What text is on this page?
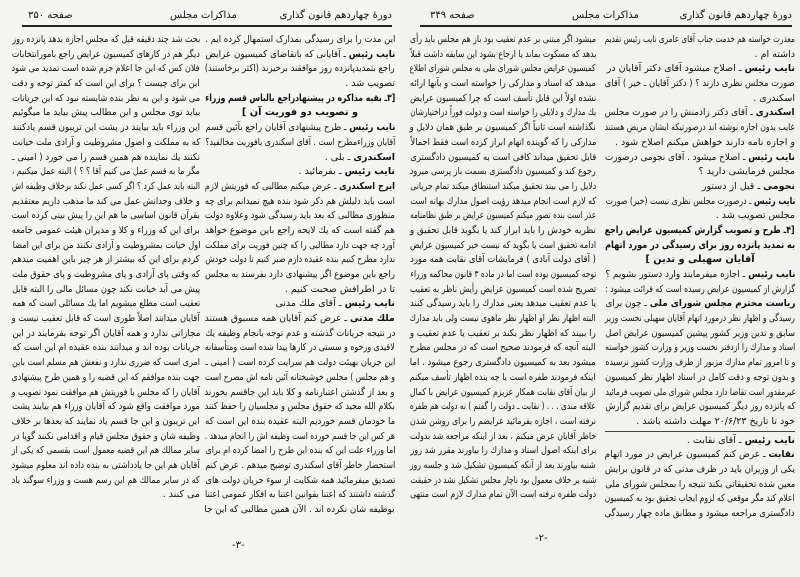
دورهٔ چهاردهم قانون گذاری
مذاکرات مجلس
صفحه ۳۵۰
این مدت را برای رسیدگی بمدارک استمهال کرده ایم .
نایب رئیس ـ آقایانی که باتقاضای کمیسیون عرایض
راجع بتمدیدپانزده روز موافقند برخیزند (اکثر برخاستند)
تصویب شد .
[۳ـ بقیه مذاکره در پیشنهادراجع بالباس قسم وزراء
و تصویب دو فوریت آن ]
نایب رئیس ـ طرح پیشنهادی آقایان راجع بآئین قسم
آقایان وزراءمطرح است . آقای اسکندری بافوریت مخالفید؟
اسکندری ـ بلی .
نایب رئیس ـ بفرمائید .
ایرج اسکندری ـ عرض میکنم مطالبی که فوریتش لازم
است باید دلیلش هم ذکر شود بنده هیچ نمیدانم برای چه
منظوری مطالبی که بعد باید رسیدگی شود وعلاوه دولت
هم گفته است که یك لایحه راجع باین موضوع خواهد
آورد چه جهت دارد مطالبی را که چنین فوریت برای مملکت
ندارد مطرح کنیم بنده عقیده دارم صبر کنیم تا دولت خودش
راجع باین موضوع اگر پیشنهادی دارد بفرستد به مجلس
تا در اطرافش صحبت کنیم .
نایب رئیس ـ آقای ملك مدنی
ملك مدنی ـ عرض کنم آقایان همه مسبوق هستند
در نتیجه جریانات گذشته و عدم توجه بانجام وظیفه یك
لاقیدی ورخوه و سستی در کارها پیدا شده است ومتأسفانه
این جریان بهیئت دولت هم سرایت کرده است ( امینی ـ
و هم مجلس ) مجلس خوشبختانه آئین نامه اش مصرح است
و بعد از گذشتن اعتبارنامه و کلا باید این جاقسم بخورند
بکلام الله مجید که حقوق مجلس و مجلسیان را حفظ کنند
ما خودمان قسم خوردیم البته عقیده بنده این است که
هر کس این جا قسم خورده است وظیفه اش را انجام میدهد .
اما وزراء علت این که بنده این طرح را امضا کرده ام برای
استحضار خاطر آقای اسکندری توضیح میدهم . عرض کنم
تصدیق میفرمائید همه شکایت از سوء جریان دولت های
گذشته داشتند که اعتنا بقوانین اعتنا به افکار عمومی اعتنا
بوظیفه شان نکرده اند . الآن همین مطالبی که این جا
بحث شد چند دقیقه قبل که مجلس اجازه بدهد پانزده روز
دیگر هم در کارهای کمیسیون عرایض راجع بامورانتخابات
فلان کس که این جا اعلام جرم شده است تمدید می شود
این برای چیست ؟ برای این است که کمتر توجه و دقت
می شود و این به نظر بنده شایسته نبود که این جریانات
بیاید توی مجلس و این مطالب پیش بیاید ما میگوئیم
این وزراء باید بیایند در پشت این تریبون قسم یادکنند
که به مملکت و اصول مشروطیت و آزادی ملت خیانت
نکنند یك نماینده هم همین قسم را می خورد ( امینی ـ
مگر ما به قسم عمل می کنیم آقا ؟ ؟ ) البته عمل میکنیم ،
البته باید عمل کرد ؟ اگر کسی عمل نکند برخلاف وظیفه اش
و خلاف وجدانش عمل می کند ما مذهب داریم معتقدیم
بقرآن قانون اساسی ما هم این را پیش بینی کرده است
برای این که وزراء و کلا و مدیران هیئت عمومی جامعه
اول خیانت بمشروطیت و آزادی نکنند من برای این امضا
کردم برای این که بیشتر از هر چیز باین اهمیت میدهم
که وقتی پای آزادی و پای مشروطیت و پای حقوق ملت
پیش می آید خیانت نکند چون مسائل مالی را البته قابل
تعقیب است مطلع میشویم اما یك مسائلی است که همه
آقایان میدانند اصلاً طوری است که قابل تعقیب نیست و
مجازاتی ندارد و همه آقایان اگر توجه بفرمایند در این
جریانات بوده اند و میدانند بنده عقیده ام این است که
امری است که ضرری ندارد و نفعش هم مسلم است باین
جهت بنده موافقم که این قضیه را و همین طرح پیشنهادی
آقایان را که مجلس با فوریتش هم موافقت نمود تصویب و
مورد موافقت واقع شود که آقایان وزراء هم بیایند پشت
این تریبون و این جا قسم یاد نمایند که بعدها بر خلاف
وظیفه شان و حقوق مجلس قیام و اقدامی نکنند گویا در
سایر ممالك هم این قضیه معمول است بقسمی که یکی از
آقایان هم این جا یادداشتی به بنده داده اند معلوم میشود
که در سایر ممالك هم این رسم هست و وزراء سوگند یاد
می کنند .
-۳-
دورهٔ چهاردهم قانون گذاری
مذاکرات مجلس
صفحه ۳۴۹
معذرت خواسته هم خدمت جناب آقای عامری نایب رئیس تقدیم
داشته ام .
نایب رئیس ـ اصلاح میشود آقای دکتر آقایان در
صورت مجلس نظری دارند ؟ ( دکتر آقایان ـ خیر ) آقای
اسکندری .
اسکندری ـ آقای دکتر زادمنش را در صورت مجلس
غایب بدون اجازه نوشته اند درصورتیکه ایشان مریض هستند
و اجازه نامه دارند خواهش میکنم اصلاح شود .
نایب رئیس ـ اصلاح میشود . آقای نجومی درصورت
مجلس فرمایشی دارید ؟
نجومی ـ قبل از دستور
نایب رئیس ـ درصورت مجلس نظری نیست (خیر) صورت
مجلس تصویب شد .
[۴ـ طرح و تصویب گزارش کمیسیون عرایض راجع
به تمدید پانزده روز برای رسیدگی در مورد اتهام
آقایان سهیلی و تدین ]
نایب رئیس ـ اجازه میفرمایند وارد دستور بشویم ؟
گزارش از کمیسیون عرایض رسیده است که قرائت میشود :
ریاست محترم مجلس شورای ملی ـ چون برای
رسیدگی و اظهار نظر درمورد اتهام آقایان سهیلی نخست وزیر
سابق و تدین وزیر کشور پیشین کمیسیون عرایض اصل
اسناد و مدارك را ازدفتر نخست وزیر و وزارت کشور خواسته
و تا امروز تمام مدارك مزبور از طرف وزارت کشور نرسیده
و بدون توجه و دقت کامل در اسناد اظهار نظر کمیسیون
غیرمقدور است تقاضا دارد مجلس شورای ملی تصویب فرمائید
که پانزده روز دیگر کمیسیون عرایض برای تقدیم گزارش
خود تا تاریخ ۲۰/۶/۲۳ مهلت داشته باشد .
نایب رئیس ـ آقای نقابت .
نقابت ـ عرض کنم کمیسیون عرایض در مورد اتهام
یکی از وزیران باید در ظرف مدتی که در قانون برایش
معین شده تحقیقاتی بکند نتیجه را بمجلس شورای ملی
اعلام کند مگر موقعی که لزوم ایجاب تحقیق بود به کمیسیون
دادگستری مراجعه میشود و مطابق ماده چهار رسیدگی
میشود اگر مبتنی بر عدم تعقیب بود باز هم مجلس باید رأی
بدهد که مسکوت بماند یا ارجاع بشود این سابقه داشت قبلاً
کمیسیون عرایض مجلس شورای ملی به مجلس شورای اطلاع
میدهد که اسناد و مدارکی را خواسته است و بآنها ارائه
نشده اولاً این قابل تأسف است که چرا کمیسیون عرایض
یك مدارك و دلایلی را خواسته است و دولت فوراً دراختیارشان
نگذاشته است ثانیاً اگر کمیسیون بر طبق همان دلایل و
مدارکی را که گوینده اتهام ابراز کرده است فقط اجمالاً
قابل تحقیق میداند کافی است به کمیسیون دادگستری
رجوع کند و کمیسیون دادگستری بسمت باز پرسی میرود
دلایل را می بیند تحقیق میکند استنطاق میکند تمام جریانی
که لازم است انجام میدهد رؤیت اصول مدارك بهانه است
عذر است بنده تصور میکنم کمیسیون عرایض بر طبق نظامنامه
نظریه خودش را باید ابراز کند یا بگوید قابل تحقیق و
ادامه تحقیق است یا بگوید که نیست خیر کمیسیون عرایض
( آقای دولت آبادی ) فرمایشات آقای نقابت همه مورد
توجه کمیسیون بوده است اما در ماده ۳ قانون محاکمه وزراء
تصریح شده است کمیسیون عرایض رأیش ناظر به تعقیب
یا عدم تعقیب میدهد یعنی مدارك را باید رسیدگی کنند
البته اظهار نظر او اظهار نظر ماهوی نیست ولی باید مدارك
را ببیند که اظهار نظر بکند بر تعقیب یا عدم تعقیب و
البته آنچه که فرمودند صحیح است که در مجلس مطرح
میشود بعد به کمیسیون دادگستری رجوع میشود . اما
اینکه فرمودند طفره است یا چه بنده اظهار تأسف میکنم
از بیان آقای نقابت همکار عزیزم کمیسیون عرایض با کمال
علاقه مندی . . . ( نقابت ـ دولت را گفتم ) نه دولت هم طفره
نرفته است ، اجازه بفرمائید عرایضم را برای روشن شدن
خاطر آقایان عرض میکنم ، بعد از اینکه مراجعه شد بدولت
برای اینکه اصول اسناد و مدارك را بیاورند مقرر شد روز
شنبه بیاورند بعد از آنکه کمیسیون تشکیل شد و جلسه روز
شنبه بر خلاف معمول بود ناچار مجلس تشکیل نشد در حقیقت
دولت طفره نرفته است الآن تمام مدارك لازم است منتهی
-۲-
